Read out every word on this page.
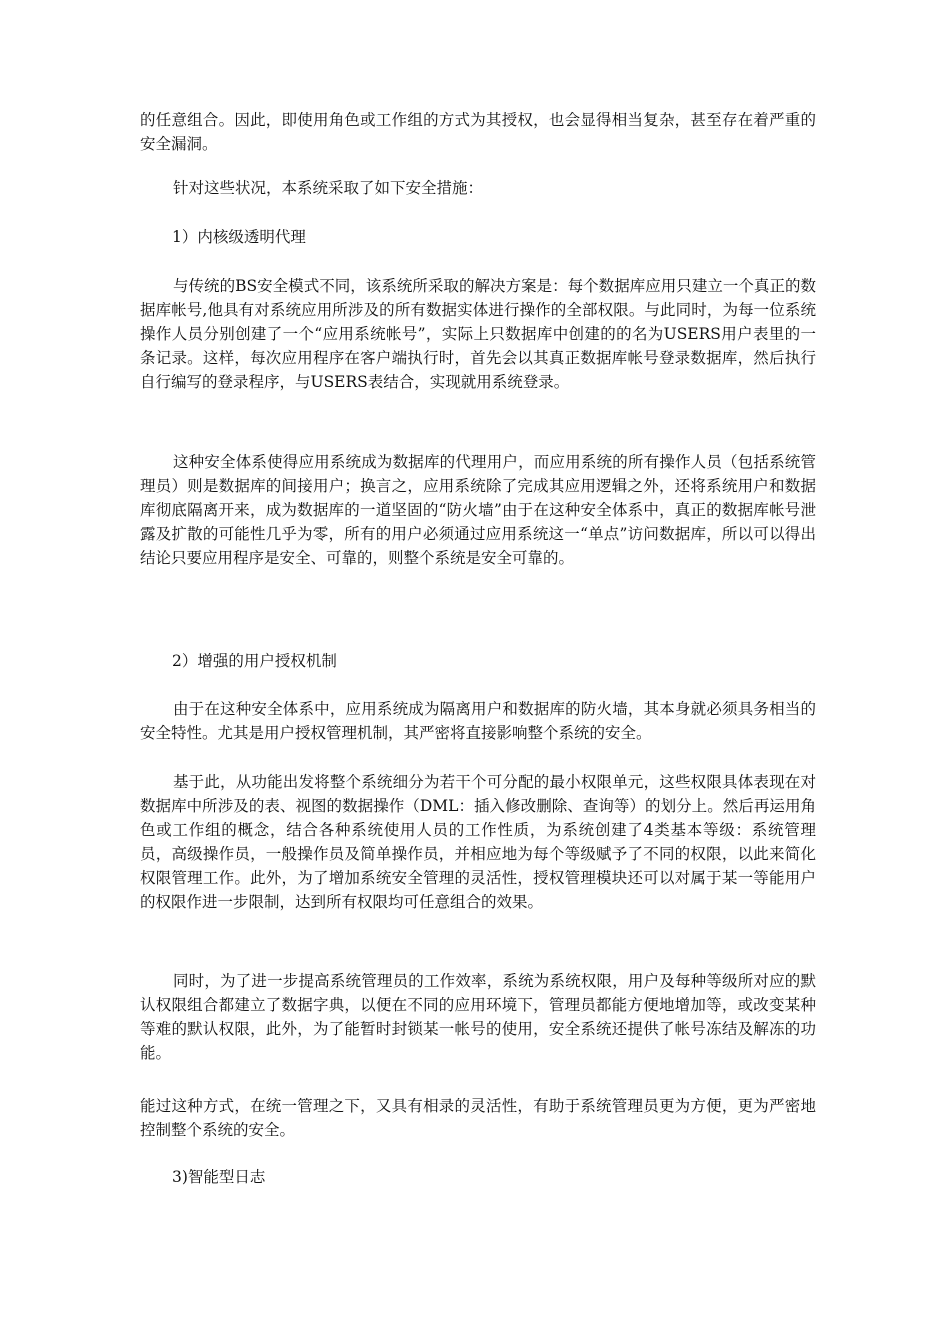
的任意组合。因此，即使用角色或工作组的方式为其授权，也会显得相当复杂，甚至存在着严重的安全漏洞。

针对这些状况，本系统采取了如下安全措施：

1）内核级透明代理

与传统的BS安全模式不同，该系统所采取的解决方案是：每个数据库应用只建立一个真正的数据库帐号,他具有对系统应用所涉及的所有数据实体进行操作的全部权限。与此同时，为每一位系统操作人员分别创建了一个“应用系统帐号”，实际上只数据库中创建的的名为USERS用户表里的一条记录。这样，每次应用程序在客户端执行时，首先会以其真正数据库帐号登录数据库，然后执行自行编写的登录程序，与USERS表结合，实现就用系统登录。

这种安全体系使得应用系统成为数据库的代理用户，而应用系统的所有操作人员（包括系统管理员）则是数据库的间接用户；换言之，应用系统除了完成其应用逻辑之外，还将系统用户和数据库彻底隔离开来，成为数据库的一道坚固的“防火墙”由于在这种安全体系中，真正的数据库帐号泄露及扩散的可能性几乎为零，所有的用户必须通过应用系统这一“单点”访问数据库，所以可以得出结论只要应用程序是安全、可靠的，则整个系统是安全可靠的。

2）增强的用户授权机制

由于在这种安全体系中，应用系统成为隔离用户和数据库的防火墙，其本身就必须具务相当的安全特性。尤其是用户授权管理机制，其严密将直接影响整个系统的安全。

基于此，从功能出发将整个系统细分为若干个可分配的最小权限单元，这些权限具体表现在对数据库中所涉及的表、视图的数据操作（DML：插入修改删除、查询等）的划分上。然后再运用角色或工作组的概念，结合各种系统使用人员的工作性质，为系统创建了4类基本等级：系统管理员，高级操作员，一般操作员及简单操作员，并相应地为每个等级赋予了不同的权限，以此来简化权限管理工作。此外，为了增加系统安全管理的灵活性，授权管理模块还可以对属于某一等能用户的权限作进一步限制，达到所有权限均可任意组合的效果。

同时，为了进一步提高系统管理员的工作效率，系统为系统权限，用户及每种等级所对应的默认权限组合都建立了数据字典，以便在不同的应用环境下，管理员都能方便地增加等，或改变某种等难的默认权限，此外，为了能暂时封锁某一帐号的使用，安全系统还提供了帐号冻结及解冻的功能。

能过这种方式，在统一管理之下，又具有相录的灵活性，有助于系统管理员更为方便，更为严密地控制整个系统的安全。

3)智能型日志
